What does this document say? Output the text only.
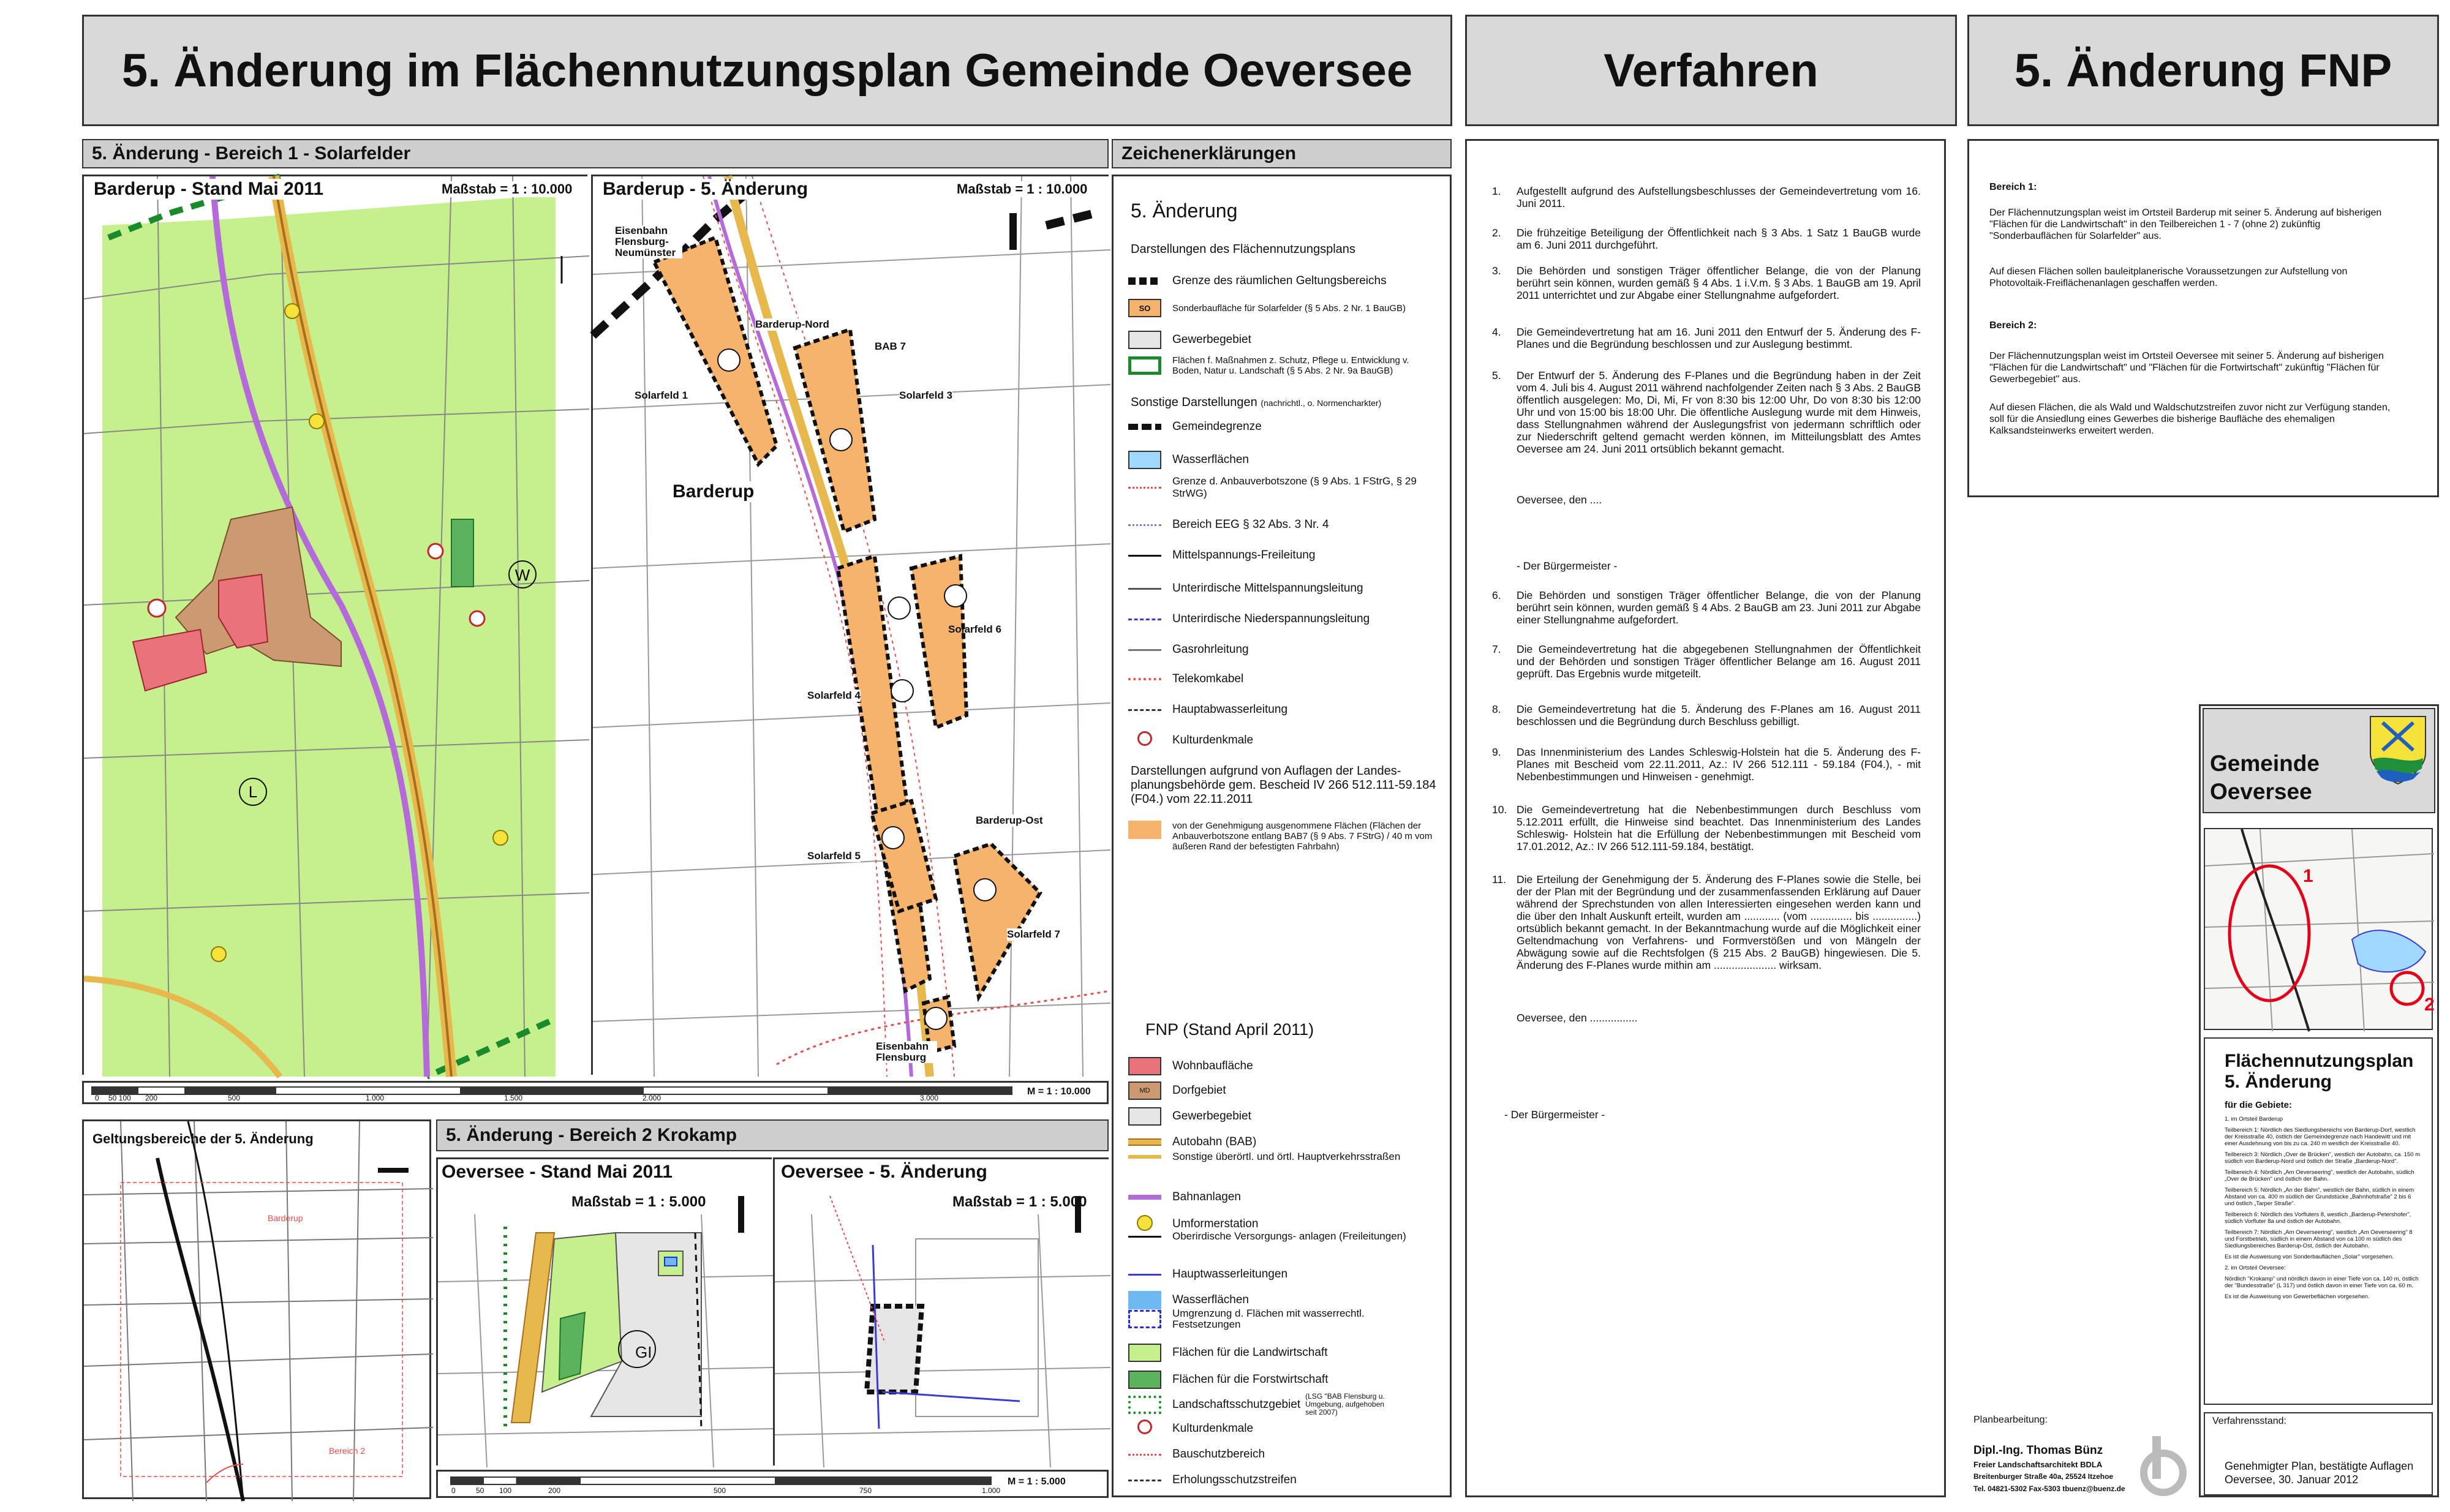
5. Änderung im Flächennutzungsplan Gemeinde Oeversee	Verfahren	5. Änderung FNP
5. Änderung - Bereich 1 - Solarfelder
W
L
Barderup - Stand Mai 2011	Maßstab = 1 : 10.000 Barderup - 5. Änderung	Maßstab = 1 : 10.000
Eisenbahn Flensburg- Neumünster
Barderup-Nord
BAB 7
Barderup
Barderup-Ost
Eisenbahn Flensburg
Solarfeld 1	Solarfeld 3
Solarfeld 4
Solarfeld 5
Solarfeld 6
Solarfeld 7
0 50 100 200	500	1.000	1.500	2.000	3.000
M = 1 : 10.000
Zeichenerklärungen
5. Änderung
Darstellungen des Flächennutzungsplans
Grenze des räumlichen Geltungsbereichs
SO Sonderbaufläche für Solarfelder (§ 5 Abs. 2 Nr. 1 BauGB)
Gewerbegebiet
Flächen f. Maßnahmen z. Schutz, Pflege u. Entwicklung v. Boden, Natur u. Landschaft (§ 5 Abs. 2 Nr. 9a BauGB)
Sonstige Darstellungen (nachrichtl., o. Normencharkter)
Gemeindegrenze
Wasserflächen
Grenze d. Anbauverbotszone (§ 9 Abs. 1 FStrG, § 29 StrWG)
Bereich EEG § 32 Abs. 3 Nr. 4
Mittelspannungs-Freileitung
Unterirdische Mittelspannungsleitung
Unterirdische Niederspannungsleitung
Gasrohrleitung
Telekomkabel
Hauptabwasserleitung
Kulturdenkmale
Darstellungen aufgrund von Auflagen der Landes- planungsbehörde gem. Bescheid IV 266 512.111-59.184 (F04.) vom 22.11.2011
von der Genehmigung ausgenommene Flächen (Flächen der Anbauverbotszone entlang BAB7 (§ 9 Abs. 7 FStrG) / 40 m vom äußeren Rand der befestigten Fahrbahn)
FNP (Stand April 2011)
Wohnbaufläche
MD Dorfgebiet
Gewerbegebiet
Autobahn (BAB)
Sonstige überörtl. und örtl. Hauptverkehrsstraßen
Bahnanlagen
Umformerstation
Oberirdische Versorgungs- anlagen (Freileitungen)
Hauptwasserleitungen
Wasserflächen
Umgrenzung d. Flächen mit wasserrechtl. Festsetzungen
Flächen für die Landwirtschaft
Flächen für die Forstwirtschaft
Landschaftsschutzgebiet
(LSG "BAB Flensburg u. Umgebung, aufgehoben seit 2007)
Kulturdenkmale
Bauschutzbereich
Erholungsschutzstreifen
1. Aufgestellt aufgrund des Aufstellungsbeschlusses der Gemeindevertretung vom 16. Juni 2011.
2. Die frühzeitige Beteiligung der Öffentlichkeit nach § 3 Abs. 1 Satz 1 BauGB wurde am 6. Juni 2011 durchgeführt.
3. Die Behörden und sonstigen Träger öffentlicher Belange, die von der Planung berührt sein können, wurden gemäß § 4 Abs. 1 i.V.m. § 3 Abs. 1 BauGB am 19. April 2011 unterrichtet und zur Abgabe einer Stellungnahme aufgefordert.
4. Die Gemeindevertretung hat am 16. Juni 2011 den Entwurf der 5. Änderung des F-Planes und die Begründung beschlossen und zur Auslegung bestimmt.
5. Der Entwurf der 5. Änderung des F-Planes und die Begründung haben in der Zeit vom 4. Juli bis 4. August 2011 während nachfolgender Zeiten nach § 3 Abs. 2 BauGB öffentlich ausgelegen: Mo, Di, Mi, Fr von 8:30 bis 12:00 Uhr, Do von 8:30 bis 12:00 Uhr und von 15:00 bis 18:00 Uhr. Die öffentliche Auslegung wurde mit dem Hinweis, dass Stellungnahmen während der Auslegungsfrist von jedermann schriftlich oder zur Niederschrift geltend gemacht werden können, im Mitteilungsblatt des Amtes Oeversee am 24. Juni 2011 ortsüblich bekannt gemacht.
6. Die Behörden und sonstigen Träger öffentlicher Belange, die von der Planung berührt sein können, wurden gemäß § 4 Abs. 2 BauGB am 23. Juni 2011 zur Abgabe einer Stellungnahme aufgefordert.
7. Die Gemeindevertretung hat die abgegebenen Stellungnahmen der Öffentlichkeit und der Behörden und sonstigen Träger öffentlicher Belange am 16. August 2011 geprüft. Das Ergebnis wurde mitgeteilt.
8. Die Gemeindevertretung hat die 5. Änderung des F-Planes am 16. August 2011 beschlossen und die Begründung durch Beschluss gebilligt.
9. Das Innenministerium des Landes Schleswig-Holstein hat die 5. Änderung des F-Planes mit Bescheid vom 22.11.2011, Az.: IV 266 512.111 - 59.184 (F04.), - mit Nebenbestimmungen und Hinweisen - genehmigt.
10. Die Gemeindevertretung hat die Nebenbestimmungen durch Beschluss vom 5.12.2011 erfüllt, die Hinweise sind beachtet. Das Innenministerium des Landes Schleswig- Holstein hat die Erfüllung der Nebenbestimmungen mit Bescheid vom 17.01.2012, Az.: IV 266 512.111-59.184, bestätigt.
11. Die Erteilung der Genehmigung der 5. Änderung des F-Planes sowie die Stelle, bei der der Plan mit der Begründung und der zusammenfassenden Erklärung auf Dauer während der Sprechstunden von allen Interessierten eingesehen werden kann und die über den Inhalt Auskunft erteilt, wurden am ............ (vom .............. bis ...............) ortsüblich bekannt gemacht. In der Bekanntmachung wurde auf die Möglichkeit einer Geltendmachung von Verfahrens- und Formverstößen und von Mängeln der Abwägung sowie auf die Rechtsfolgen (§ 215 Abs. 2 BauGB) hingewiesen. Die 5. Änderung des F-Planes wurde mithin am ..................... wirksam.
Oeversee, den ....
- Der Bürgermeister -
Oeversee, den ................
- Der Bürgermeister -
Bereich 1:
Der Flächennutzungsplan weist im Ortsteil Barderup mit seiner 5. Änderung auf bisherigen "Flächen für die Landwirtschaft" in den Teilbereichen 1 - 7 (ohne 2) zukünftig "Sonderbauflächen für Solarfelder" aus.
Auf diesen Flächen sollen bauleitplanerische Voraussetzungen zur Aufstellung von Photovoltaik-Freiflächenanlagen geschaffen werden.
Bereich 2:
Der Flächennutzungsplan weist im Ortsteil Oeversee mit seiner 5. Änderung auf bisherigen "Flächen für die Landwirtschaft" und "Flächen für die Fortwirtschaft" zukünftig "Flächen für Gewerbegebiet" aus.
Auf diesen Flächen, die als Wald und Waldschutzstreifen zuvor nicht zur Verfügung standen, soll für die Ansiedlung eines Gewerbes die bisherige Baufläche des ehemaligen Kalksandsteinwerks erweitert werden.
Gemeinde Oeversee
1
2
Flächennutzungsplan
5. Änderung
für die Gebiete:
1. im Ortsteil Barderup
Teilbereich 1: Nördlich des Siedlungsbereichs von Barderup-Dorf, westlich der Kreisstraße 40, östlich der Gemeindegrenze nach Handewitt und mit einer Ausdehnung von bis zu ca. 240 m westlich der Kreisstraße 40.
Teilbereich 3: Nördlich „Over de Brücken", westlich der Autobahn, ca. 150 m südlich von Barderup-Nord und östlich der Straße „Barderup-Nord".
Teilbereich 4: Nördlich „Am Oeverseering", westlich der Autobahn, südlich „Over de Brücken" und östlich der Bahn.
Teilbereich 5: Nördlich „An der Bahn", westlich der Bahn, südlich in einem Abstand von ca. 400 m südlich der Grundstücke „Bahnhofstraße" 2 bis 6 und östlich „Tarper Straße".
Teilbereich 6: Nördlich des Vorfluters 8, westlich „Barderup-Petershofer", südlich Vorfluter 8a und östlich der Autobahn.
Teilbereich 7: Nördlich „Am Oeverseering", westlich „Am Oeverseering" 8 und Forstbetrieb, südlich in einem Abstand von ca 100 m südlich des Siedlungsbereiches Barderup-Ost, östlich der Autobahn.
Es ist die Ausweisung von Sonderbauflächen „Solar" vorgesehen.
2. im Ortsteil Oeversee:
Nördlich "Krokamp" und nördlich davon in einer Tiefe von ca. 140 m, östlich der "Bundesstraße" (L 317) und östlich davon in einer Tiefe von ca. 60 m.
Es ist die Ausweisung von Gewerbeflächen vorgesehen.
Planbearbeitung:
Dipl.-Ing. Thomas Bünz
Freier Landschaftsarchitekt BDLA
Breitenburger Straße 40a, 25524 Itzehoe
Tel. 04821-5302 Fax-5303 tbuenz@buenz.de
Verfahrensstand:
Genehmigter Plan, bestätigte Auflagen
Oeversee, 30. Januar 2012
Geltungsbereiche der 5. Änderung
Barderup
Bereich 2
5. Änderung - Bereich 2 Krokamp
Oeversee - Stand Mai 2011
Maßstab = 1 : 5.000
GI
Oeversee - 5. Änderung
Maßstab = 1 : 5.000
0	50 100	200	500	750	1.000
M = 1 : 5.000
